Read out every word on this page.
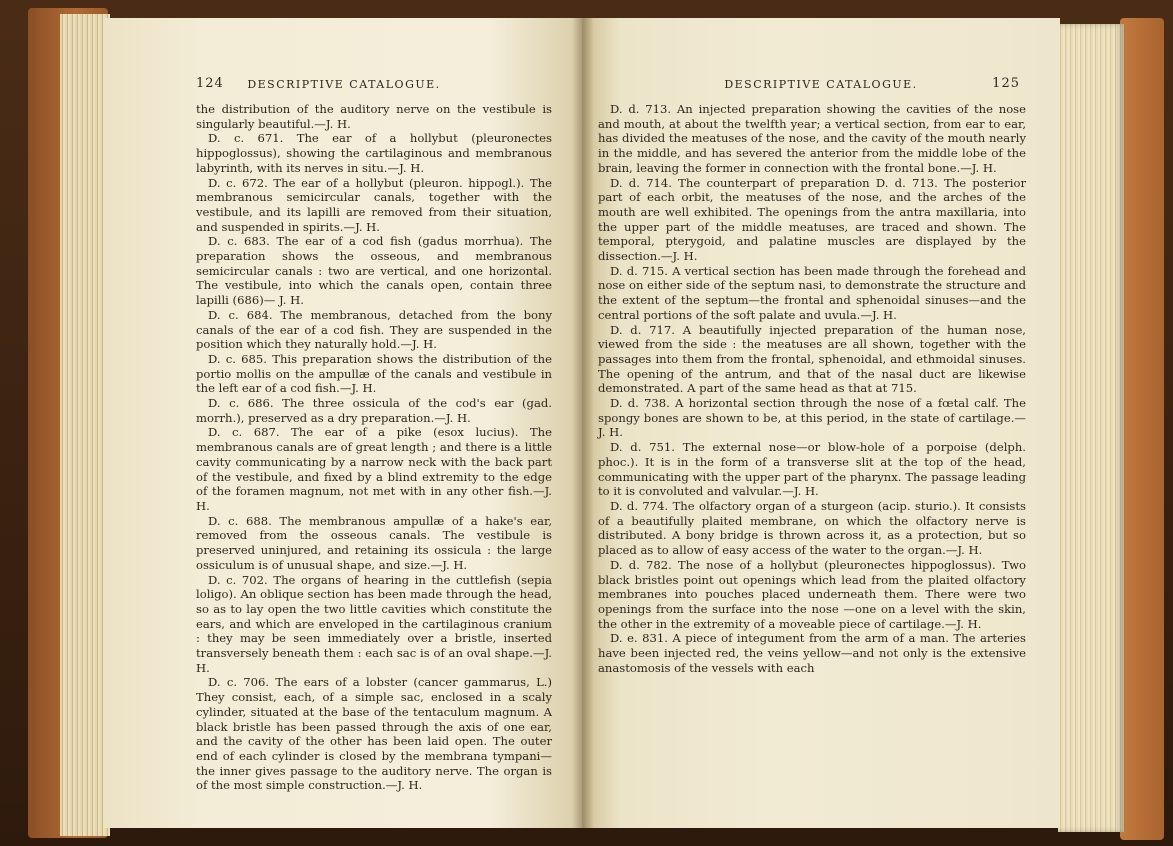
124	DESCRIPTIVE CATALOGUE.

the distribution of the auditory nerve on the vestibule is singularly beautiful.—J. H.

D. c. 671. The ear of a hollybut (pleuronectes hippoglossus), showing the cartilaginous and membranous labyrinth, with its nerves in situ.—J. H.

D. c. 672. The ear of a hollybut (pleuron. hippogl.). The membranous semicircular canals, together with the vestibule, and its lapilli are removed from their situation, and suspended in spirits.—J. H.

D. c. 683. The ear of a cod fish (gadus morrhua). The preparation shows the osseous, and membranous semicircular canals : two are vertical, and one horizontal. The vestibule, into which the canals open, contain three lapilli (686)— J. H.

D. c. 684. The membranous, detached from the bony canals of the ear of a cod fish. They are suspended in the position which they naturally hold.—J. H.

D. c. 685. This preparation shows the distribution of the portio mollis on the ampullæ of the canals and vestibule in the left ear of a cod fish.—J. H.

D. c. 686. The three ossicula of the cod's ear (gad. morrh.), preserved as a dry preparation.—J. H.

D. c. 687. The ear of a pike (esox lucius). The membranous canals are of great length ; and there is a little cavity communicating by a narrow neck with the back part of the vestibule, and fixed by a blind extremity to the edge of the foramen magnum, not met with in any other fish.—J. H.

D. c. 688. The membranous ampullæ of a hake's ear, removed from the osseous canals. The vestibule is preserved uninjured, and retaining its ossicula : the large ossiculum is of unusual shape, and size.—J. H.

D. c. 702. The organs of hearing in the cuttlefish (sepia loligo). An oblique section has been made through the head, so as to lay open the two little cavities which constitute the ears, and which are enveloped in the cartilaginous cranium : they may be seen immediately over a bristle, inserted transversely beneath them : each sac is of an oval shape.—J. H.

D. c. 706. The ears of a lobster (cancer gammarus, L.) They consist, each, of a simple sac, enclosed in a scaly cylinder, situated at the base of the tentaculum magnum. A black bristle has been passed through the axis of one ear, and the cavity of the other has been laid open. The outer end of each cylinder is closed by the membrana tympani—the inner gives passage to the auditory nerve. The organ is of the most simple construction.—J. H.

DESCRIPTIVE CATALOGUE.	125

D. d. 713. An injected preparation showing the cavities of the nose and mouth, at about the twelfth year; a vertical section, from ear to ear, has divided the meatuses of the nose, and the cavity of the mouth nearly in the middle, and has severed the anterior from the middle lobe of the brain, leaving the former in connection with the frontal bone.—J. H.

D. d. 714. The counterpart of preparation D. d. 713. The posterior part of each orbit, the meatuses of the nose, and the arches of the mouth are well exhibited. The openings from the antra maxillaria, into the upper part of the middle meatuses, are traced and shown. The temporal, pterygoid, and palatine muscles are displayed by the dissection.—J. H.

D. d. 715. A vertical section has been made through the forehead and nose on either side of the septum nasi, to demonstrate the structure and the extent of the septum—the frontal and sphenoidal sinuses—and the central portions of the soft palate and uvula.—J. H.

D. d. 717. A beautifully injected preparation of the human nose, viewed from the side : the meatuses are all shown, together with the passages into them from the frontal, sphenoidal, and ethmoidal sinuses. The opening of the antrum, and that of the nasal duct are likewise demonstrated. A part of the same head as that at 715.

D. d. 738. A horizontal section through the nose of a fœtal calf. The spongy bones are shown to be, at this period, in the state of cartilage.—J. H.

D. d. 751. The external nose—or blow-hole of a porpoise (delph. phoc.). It is in the form of a transverse slit at the top of the head, communicating with the upper part of the pharynx. The passage leading to it is convoluted and valvular.—J. H.

D. d. 774. The olfactory organ of a sturgeon (acip. sturio.). It consists of a beautifully plaited membrane, on which the olfactory nerve is distributed. A bony bridge is thrown across it, as a protection, but so placed as to allow of easy access of the water to the organ.—J. H.

D. d. 782. The nose of a hollybut (pleuronectes hippoglossus). Two black bristles point out openings which lead from the plaited olfactory membranes into pouches placed underneath them. There were two openings from the surface into the nose —one on a level with the skin, the other in the extremity of a moveable piece of cartilage.—J. H.

D. e. 831. A piece of integument from the arm of a man. The arteries have been injected red, the veins yellow—and not only is the extensive anastomosis of the vessels with each
